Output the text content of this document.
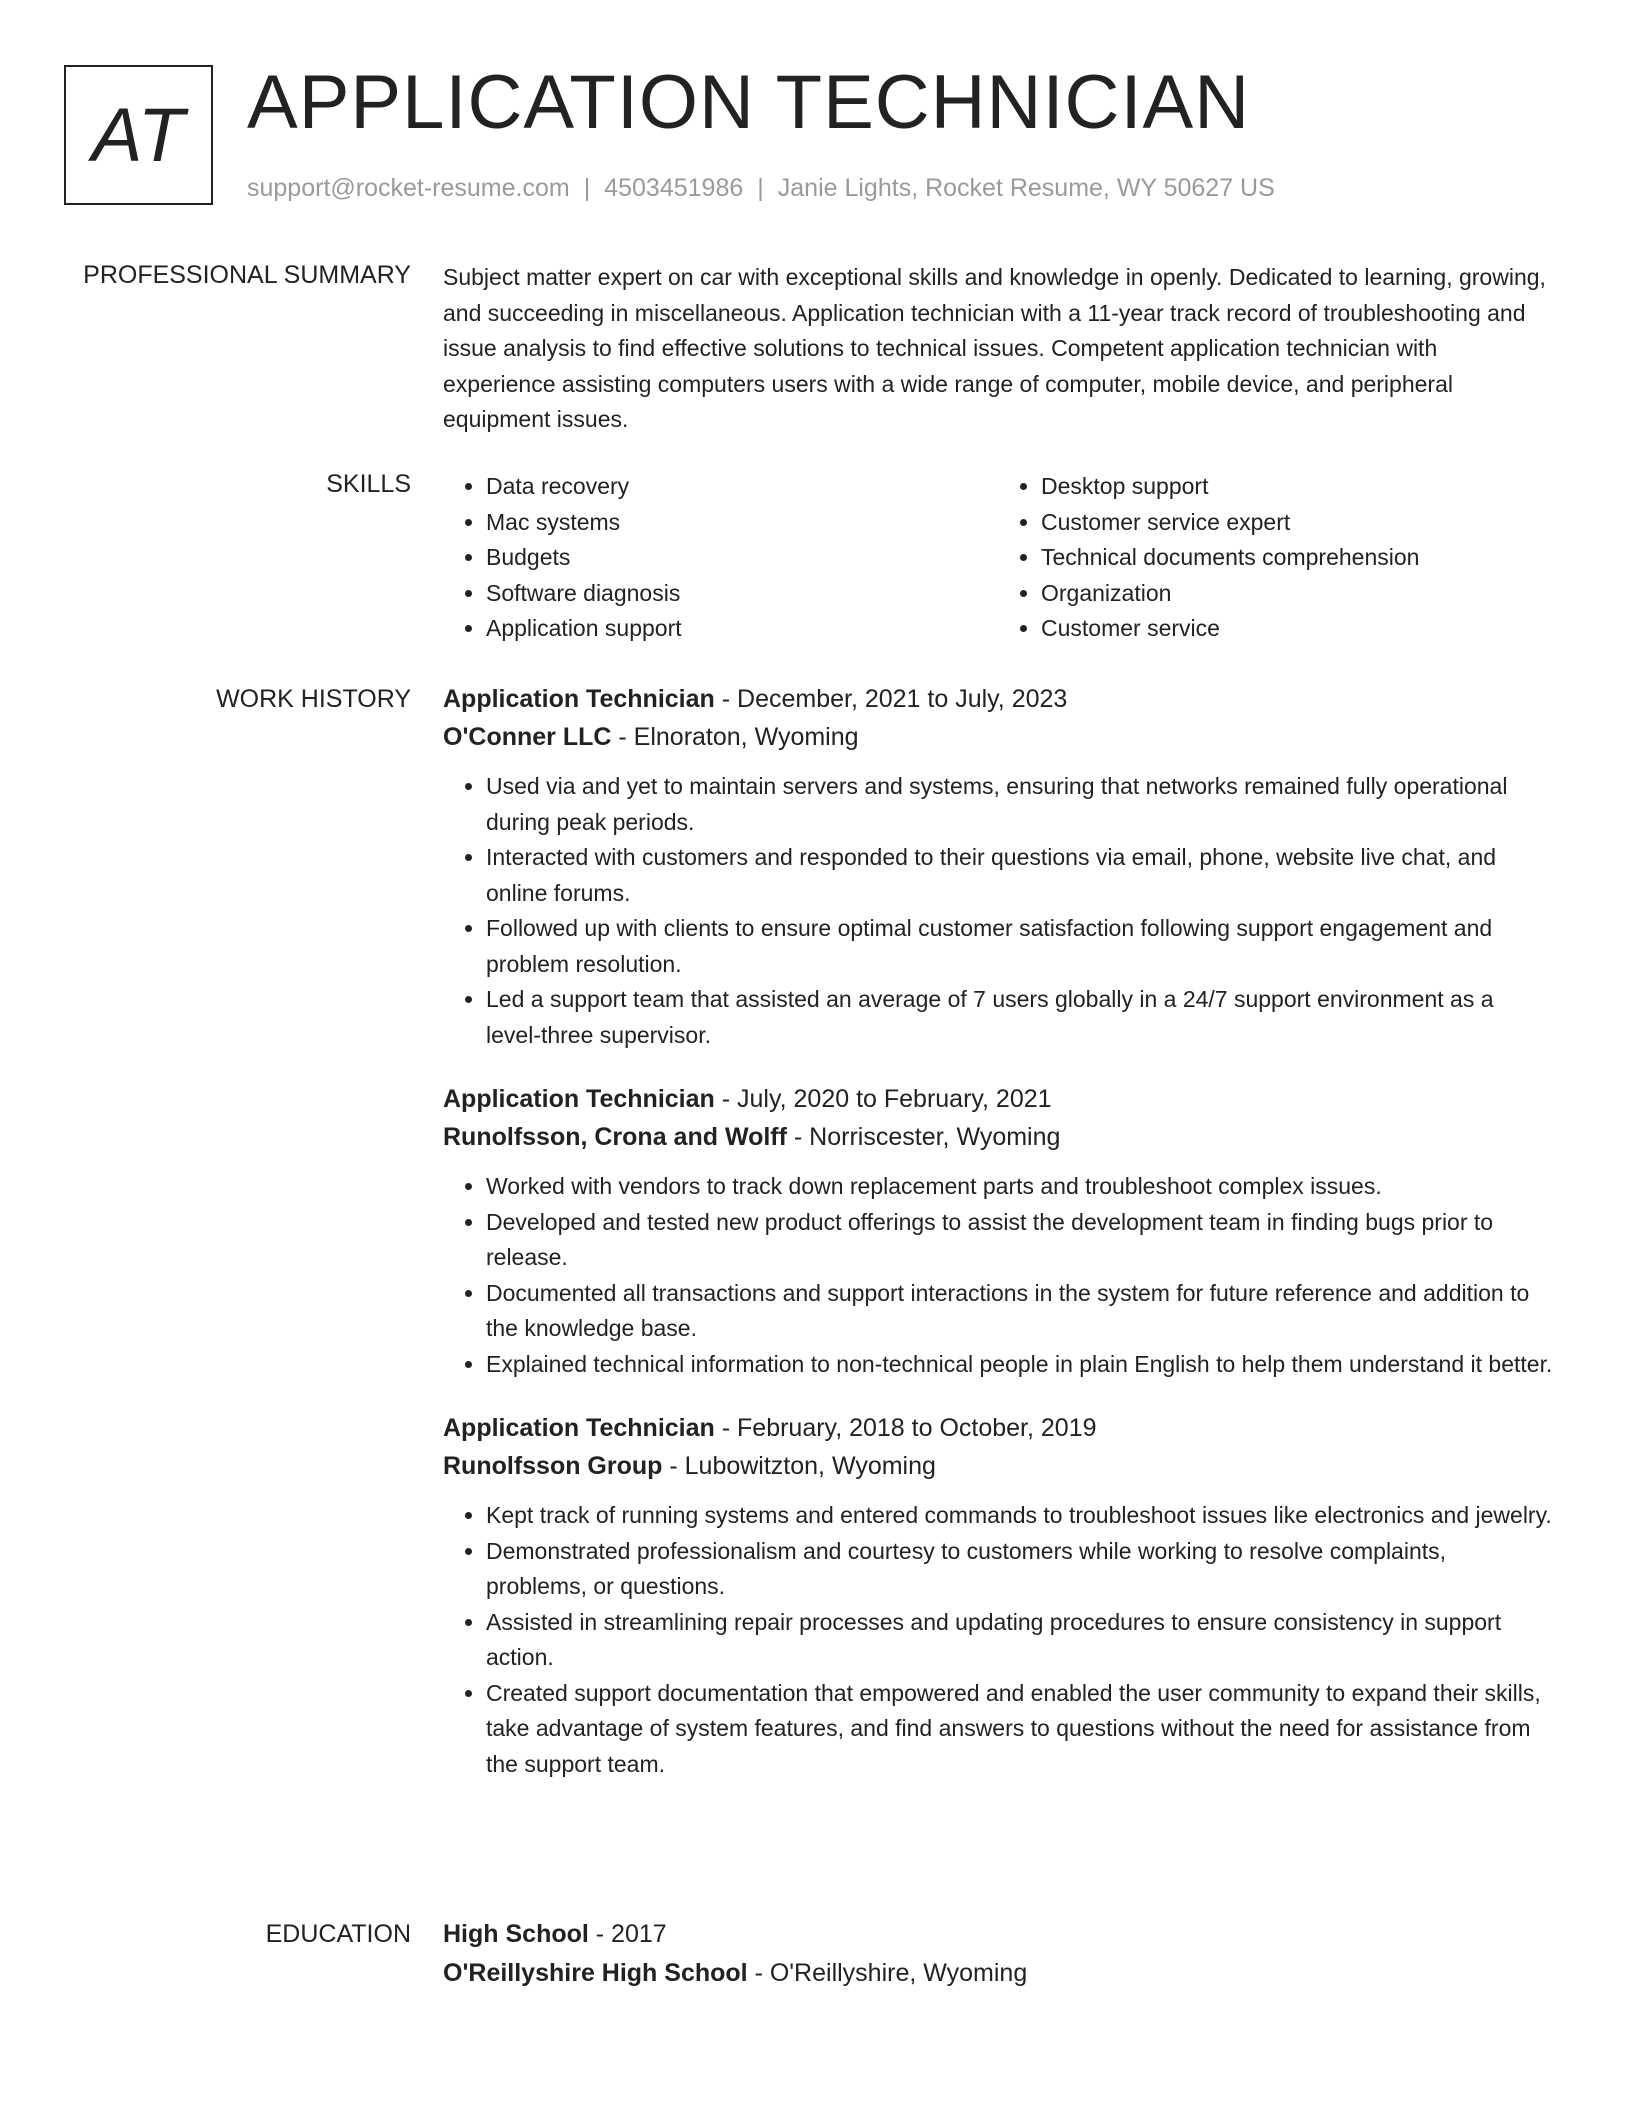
AT APPLICATION TECHNICIAN
support@rocket-resume.com | 4503451986 | Janie Lights, Rocket Resume, WY 50627 US
PROFESSIONAL SUMMARY Subject matter expert on car with exceptional skills and knowledge in openly. Dedicated to learning, growing, and succeeding in miscellaneous. Application technician with a 11-year track record of troubleshooting and issue analysis to find effective solutions to technical issues. Competent application technician with experience assisting computers users with a wide range of computer, mobile device, and peripheral equipment issues.

SKILLS
•	Data recovery
• Mac systems
• Budgets
• Software diagnosis
• Application support
• Desktop support
• Customer service expert
• Technical documents comprehension
• Organization
• Customer service
WORK HISTORY Application Technician - December, 2021 to July, 2023
O'Conner LLC - Elnoraton, Wyoming
• Used via and yet to maintain servers and systems, ensuring that networks remained fully operational during peak periods.
• Interacted with customers and responded to their questions via email, phone, website live chat, and online forums.
• Followed up with clients to ensure optimal customer satisfaction following support engagement and problem resolution.
• Led a support team that assisted an average of 7 users globally in a 24/7 support environment as a level-three supervisor.
Application Technician - July, 2020 to February, 2021
Runolfsson, Crona and Wolff - Norriscester, Wyoming
• Worked with vendors to track down replacement parts and troubleshoot complex issues.
• Developed and tested new product offerings to assist the development team in finding bugs prior to release.
• Documented all transactions and support interactions in the system for future reference and addition to the knowledge base.
• Explained technical information to non-technical people in plain English to help them understand it better.
Application Technician - February, 2018 to October, 2019
Runolfsson Group - Lubowitzton, Wyoming
• Kept track of running systems and entered commands to troubleshoot issues like electronics and jewelry.
• Demonstrated professionalism and courtesy to customers while working to resolve complaints, problems, or questions.
• Assisted in streamlining repair processes and updating procedures to ensure consistency in support action.
• Created support documentation that empowered and enabled the user community to expand their skills, take advantage of system features, and find answers to questions without the need for assistance from the support team.
EDUCATION High School - 2017
O'Reillyshire High School - O'Reillyshire, Wyoming
